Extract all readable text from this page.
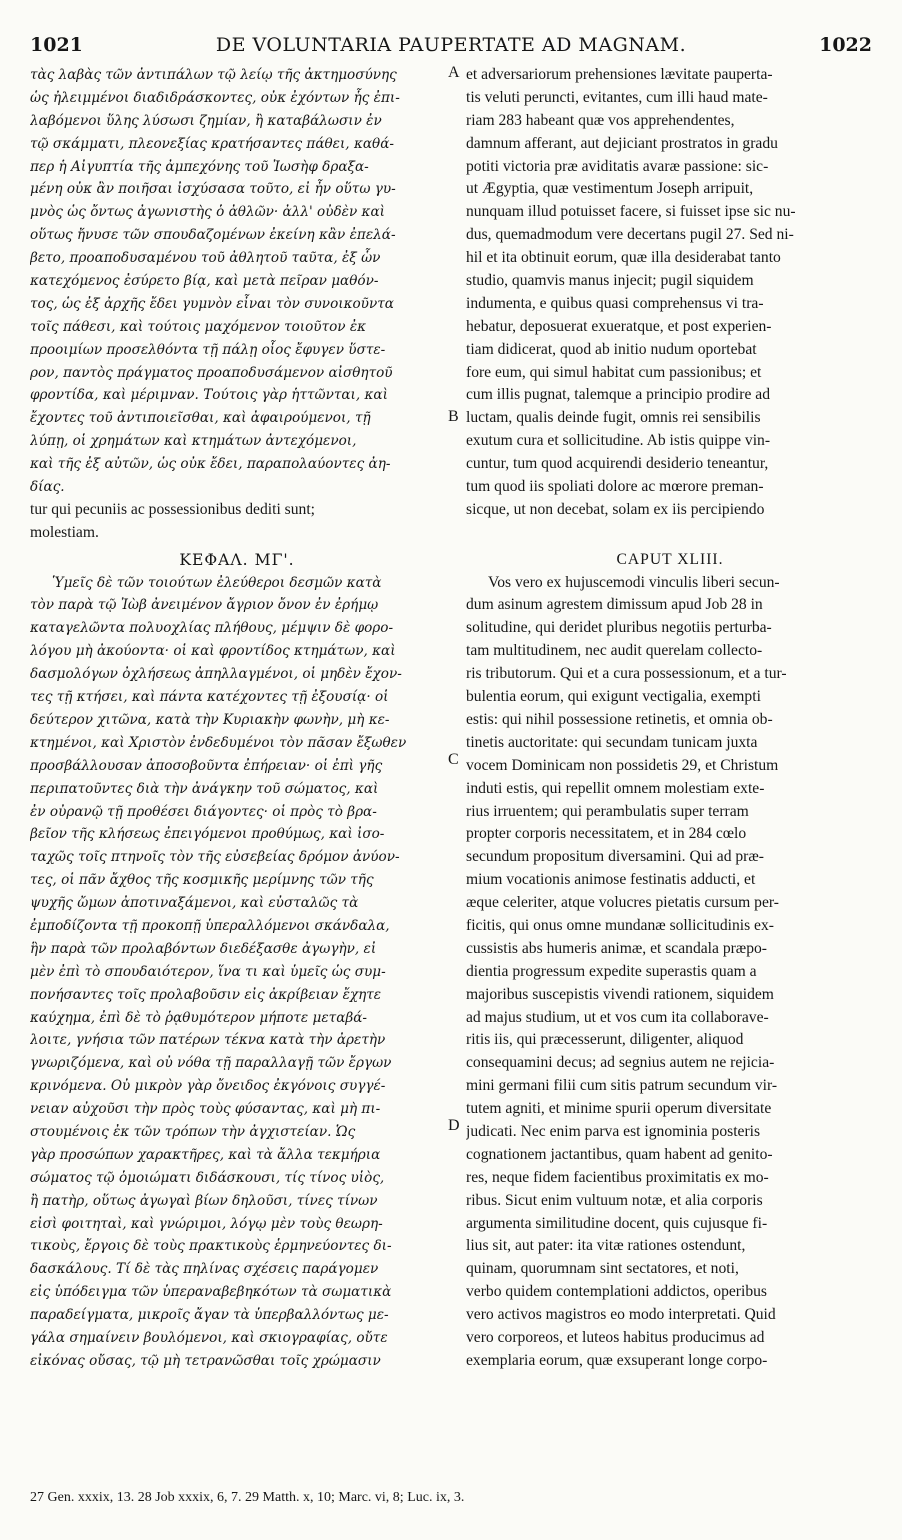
1021	DE VOLUNTARIA PAUPERTATE AD MAGNAM.	1022
τὰς λαβὰς τῶν ἀντιπάλων τῷ λείῳ τῆς ἀκτημοσύνης
ὡς ἠλειμμένοι διαδιδράσκοντες, οὐκ ἐχόντων ἧς ἐπι-
λαβόμενοι ὕλης λύσωσι ζημίαν, ἢ καταβάλωσιν ἐν
τῷ σκάμματι, πλεονεξίας κρατήσαντες πάθει, καθά-
περ ἡ Αἰγυπτία τῆς ἀμπεχόνης τοῦ Ἰωσὴφ δραξα-
μένη οὐκ ἂν ποιῆσαι ἰσχύσασα τοῦτο, εἰ ἦν οὕτω γυ-
μνὸς ὡς ὄντως ἀγωνιστὴς ὁ ἀθλῶν· ἀλλ' οὐδὲν καὶ
οὕτως ἤνυσε τῶν σπουδαζομένων ἐκείνη κἂν ἐπελά-
βετο, προαποδυσαμένου τοῦ ἀθλητοῦ ταῦτα, ἐξ ὧν
κατεχόμενος ἐσύρετο βίᾳ, καὶ μετὰ πεῖραν μαθόν-
τος, ὡς ἐξ ἀρχῆς ἔδει γυμνὸν εἶναι τὸν συνοικοῦντα
τοῖς πάθεσι, καὶ τούτοις μαχόμενον τοιοῦτον ἐκ
προοιμίων προσελθόντα τῇ πάλῃ οἷος ἔφυγεν ὕστε-
ρον, παντὸς πράγματος προαποδυσάμενον αἰσθητοῦ
φροντίδα, καὶ μέριμναν. Τούτοις γὰρ ἡττῶνται, καὶ
ἔχοντες τοῦ ἀντιποιεῖσθαι, καὶ ἀφαιρούμενοι, τῇ
λύπῃ, οἱ χρημάτων καὶ κτημάτων ἀντεχόμενοι,
καὶ τῆς ἐξ αὐτῶν, ὡς οὐκ ἔδει, παραπολαύοντες ἀη-
δίας.
tur qui pecuniis ac possessionibus dediti sunt;
molestiam.
ΚΕΦΑΛ. ΜΓ'.
Ὑμεῖς δὲ τῶν τοιούτων ἐλεύθεροι δεσμῶν κατὰ
τὸν παρὰ τῷ Ἰὼβ ἀνειμένον ἄγριον ὄνον ἐν ἐρήμῳ
καταγελῶντα πολυοχλίας πλήθους, μέμψιν δὲ φορο-
λόγου μὴ ἀκούοντα· οἱ καὶ φροντίδος κτημάτων, καὶ
δασμολόγων ὀχλήσεως ἀπηλλαγμένοι, οἱ μηδὲν ἔχον-
τες τῇ κτήσει, καὶ πάντα κατέχοντες τῇ ἐξουσίᾳ· οἱ
δεύτερον χιτῶνα, κατὰ τὴν Κυριακὴν φωνὴν, μὴ κε-
κτημένοι, καὶ Χριστὸν ἐνδεδυμένοι τὸν πᾶσαν ἔξωθεν
προσβάλλουσαν ἀποσοβοῦντα ἐπήρειαν· οἱ ἐπὶ γῆς
περιπατοῦντες διὰ τὴν ἀνάγκην τοῦ σώματος, καὶ
ἐν οὐρανῷ τῇ προθέσει διάγοντες· οἱ πρὸς τὸ βρα-
βεῖον τῆς κλήσεως ἐπειγόμενοι προθύμως, καὶ ἰσο-
ταχῶς τοῖς πτηνοῖς τὸν τῆς εὐσεβείας δρόμον ἀνύον-
τες, οἱ πᾶν ἄχθος τῆς κοσμικῆς μερίμνης τῶν τῆς
ψυχῆς ὤμων ἀποτιναξάμενοι, καὶ εὐσταλῶς τὰ
ἐμποδίζοντα τῇ προκοπῇ ὑπεραλλόμενοι σκάνδαλα,
ἣν παρὰ τῶν προλαβόντων διεδέξασθε ἀγωγὴν, εἰ
μὲν ἐπὶ τὸ σπουδαιότερον, ἵνα τι καὶ ὑμεῖς ὡς συμ-
πονήσαντες τοῖς προλαβοῦσιν εἰς ἀκρίβειαν ἔχητε
καύχημα, ἐπὶ δὲ τὸ ῥᾳθυμότερον μήποτε μεταβά-
λοιτε, γνήσια τῶν πατέρων τέκνα κατὰ τὴν ἀρετὴν
γνωριζόμενα, καὶ οὐ νόθα τῇ παραλλαγῇ τῶν ἔργων
κρινόμενα. Οὐ μικρὸν γὰρ ὄνειδος ἐκγόνοις συγγέ-
νειαν αὐχοῦσι τὴν πρὸς τοὺς φύσαντας, καὶ μὴ πι-
στουμένοις ἐκ τῶν τρόπων τὴν ἀγχιστείαν. Ὡς
γὰρ προσώπων χαρακτῆρες, καὶ τὰ ἄλλα τεκμήρια
σώματος τῷ ὁμοιώματι διδάσκουσι, τίς τίνος υἱὸς,
ἢ πατὴρ, οὕτως ἀγωγαὶ βίων δηλοῦσι, τίνες τίνων
εἰσὶ φοιτηταὶ, καὶ γνώριμοι, λόγῳ μὲν τοὺς θεωρη-
τικοὺς, ἔργοις δὲ τοὺς πρακτικοὺς ἑρμηνεύοντες δι-
δασκάλους. Τί δὲ τὰς πηλίνας σχέσεις παράγομεν
εἰς ὑπόδειγμα τῶν ὑπεραναβεβηκότων τὰ σωματικὰ
παραδείγματα, μικροῖς ἄγαν τὰ ὑπερβαλλόντως με-
γάλα σημαίνειν βουλόμενοι, καὶ σκιογραφίας, οὔτε
εἰκόνας οὔσας, τῷ μὴ τετρανῶσθαι τοῖς χρώμασιν
et adversariorum prehensiones lævitate pauperta-
tis veluti peruncti, evitantes, cum illi haud mate-
riam 283 habeant quæ vos apprehendentes,
damnum afferant, aut dejiciant prostratos in gradu
potiti victoria præ aviditatis avaræ passione: sic-
ut Ægyptia, quæ vestimentum Joseph arripuit,
nunquam illud potuisset facere, si fuisset ipse sic nu-
dus, quemadmodum vere decertans pugil 27. Sed ni-
hil et ita obtinuit eorum, quæ illa desiderabat tanto
studio, quamvis manus injecit; pugil siquidem
indumenta, e quibus quasi comprehensus vi tra-
hebatur, deposuerat exueratque, et post experien-
tiam didicerat, quod ab initio nudum oportebat
fore eum, qui simul habitat cum passionibus; et
cum illis pugnat, talemque a principio prodire ad
luctam, qualis deinde fugit, omnis rei sensibilis
exutum cura et sollicitudine. Ab istis quippe vin-
cuntur, tum quod acquirendi desiderio teneantur,
tum quod iis spoliati dolore ac mœrore preman-
sicque, ut non decebat, solam ex iis percipiendo
CAPUT XLIII.
Vos vero ex hujuscemodi vinculis liberi secun-
dum asinum agrestem dimissum apud Job 28 in
solitudine, qui deridet pluribus negotiis perturba-
tam multitudinem, nec audit querelam collecto-
ris tributorum. Qui et a cura possessionum, et a tur-
bulentia eorum, qui exigunt vectigalia, exempti
estis: qui nihil possessione retinetis, et omnia ob-
tinetis auctoritate: qui secundam tunicam juxta
vocem Dominicam non possidetis 29, et Christum
induti estis, qui repellit omnem molestiam exte-
rius irruentem; qui perambulatis super terram
propter corporis necessitatem, et in 284 cœlo
secundum propositum diversamini. Qui ad præ-
mium vocationis animose festinatis adducti, et
æque celeriter, atque volucres pietatis cursum per-
ficitis, qui onus omne mundanæ sollicitudinis ex-
cussistis abs humeris animæ, et scandala præpo-
dientia progressum expedite superastis quam a
majoribus suscepistis vivendi rationem, siquidem
ad majus studium, ut et vos cum ita collaborave-
ritis iis, qui præcesserunt, diligenter, aliquod
consequamini decus; ad segnius autem ne rejicia-
mini germani filii cum sitis patrum secundum vir-
tutem agniti, et minime spurii operum diversitate
judicati. Nec enim parva est ignominia posteris
cognationem jactantibus, quam habent ad genito-
res, neque fidem facientibus proximitatis ex mo-
ribus. Sicut enim vultuum notæ, et alia corporis
argumenta similitudine docent, quis cujusque fi-
lius sit, aut pater: ita vitæ rationes ostendunt,
quinam, quorumnam sint sectatores, et noti,
verbo quidem contemplationi addictos, operibus
vero activos magistros eo modo interpretati. Quid
vero corporeos, et luteos habitus producimus ad
exemplaria eorum, quæ exsuperant longe corpo-
A
B
C
D
27 Gen. xxxix, 13. 28 Job xxxix, 6, 7. 29 Matth. x, 10; Marc. vi, 8; Luc. ix, 3.
